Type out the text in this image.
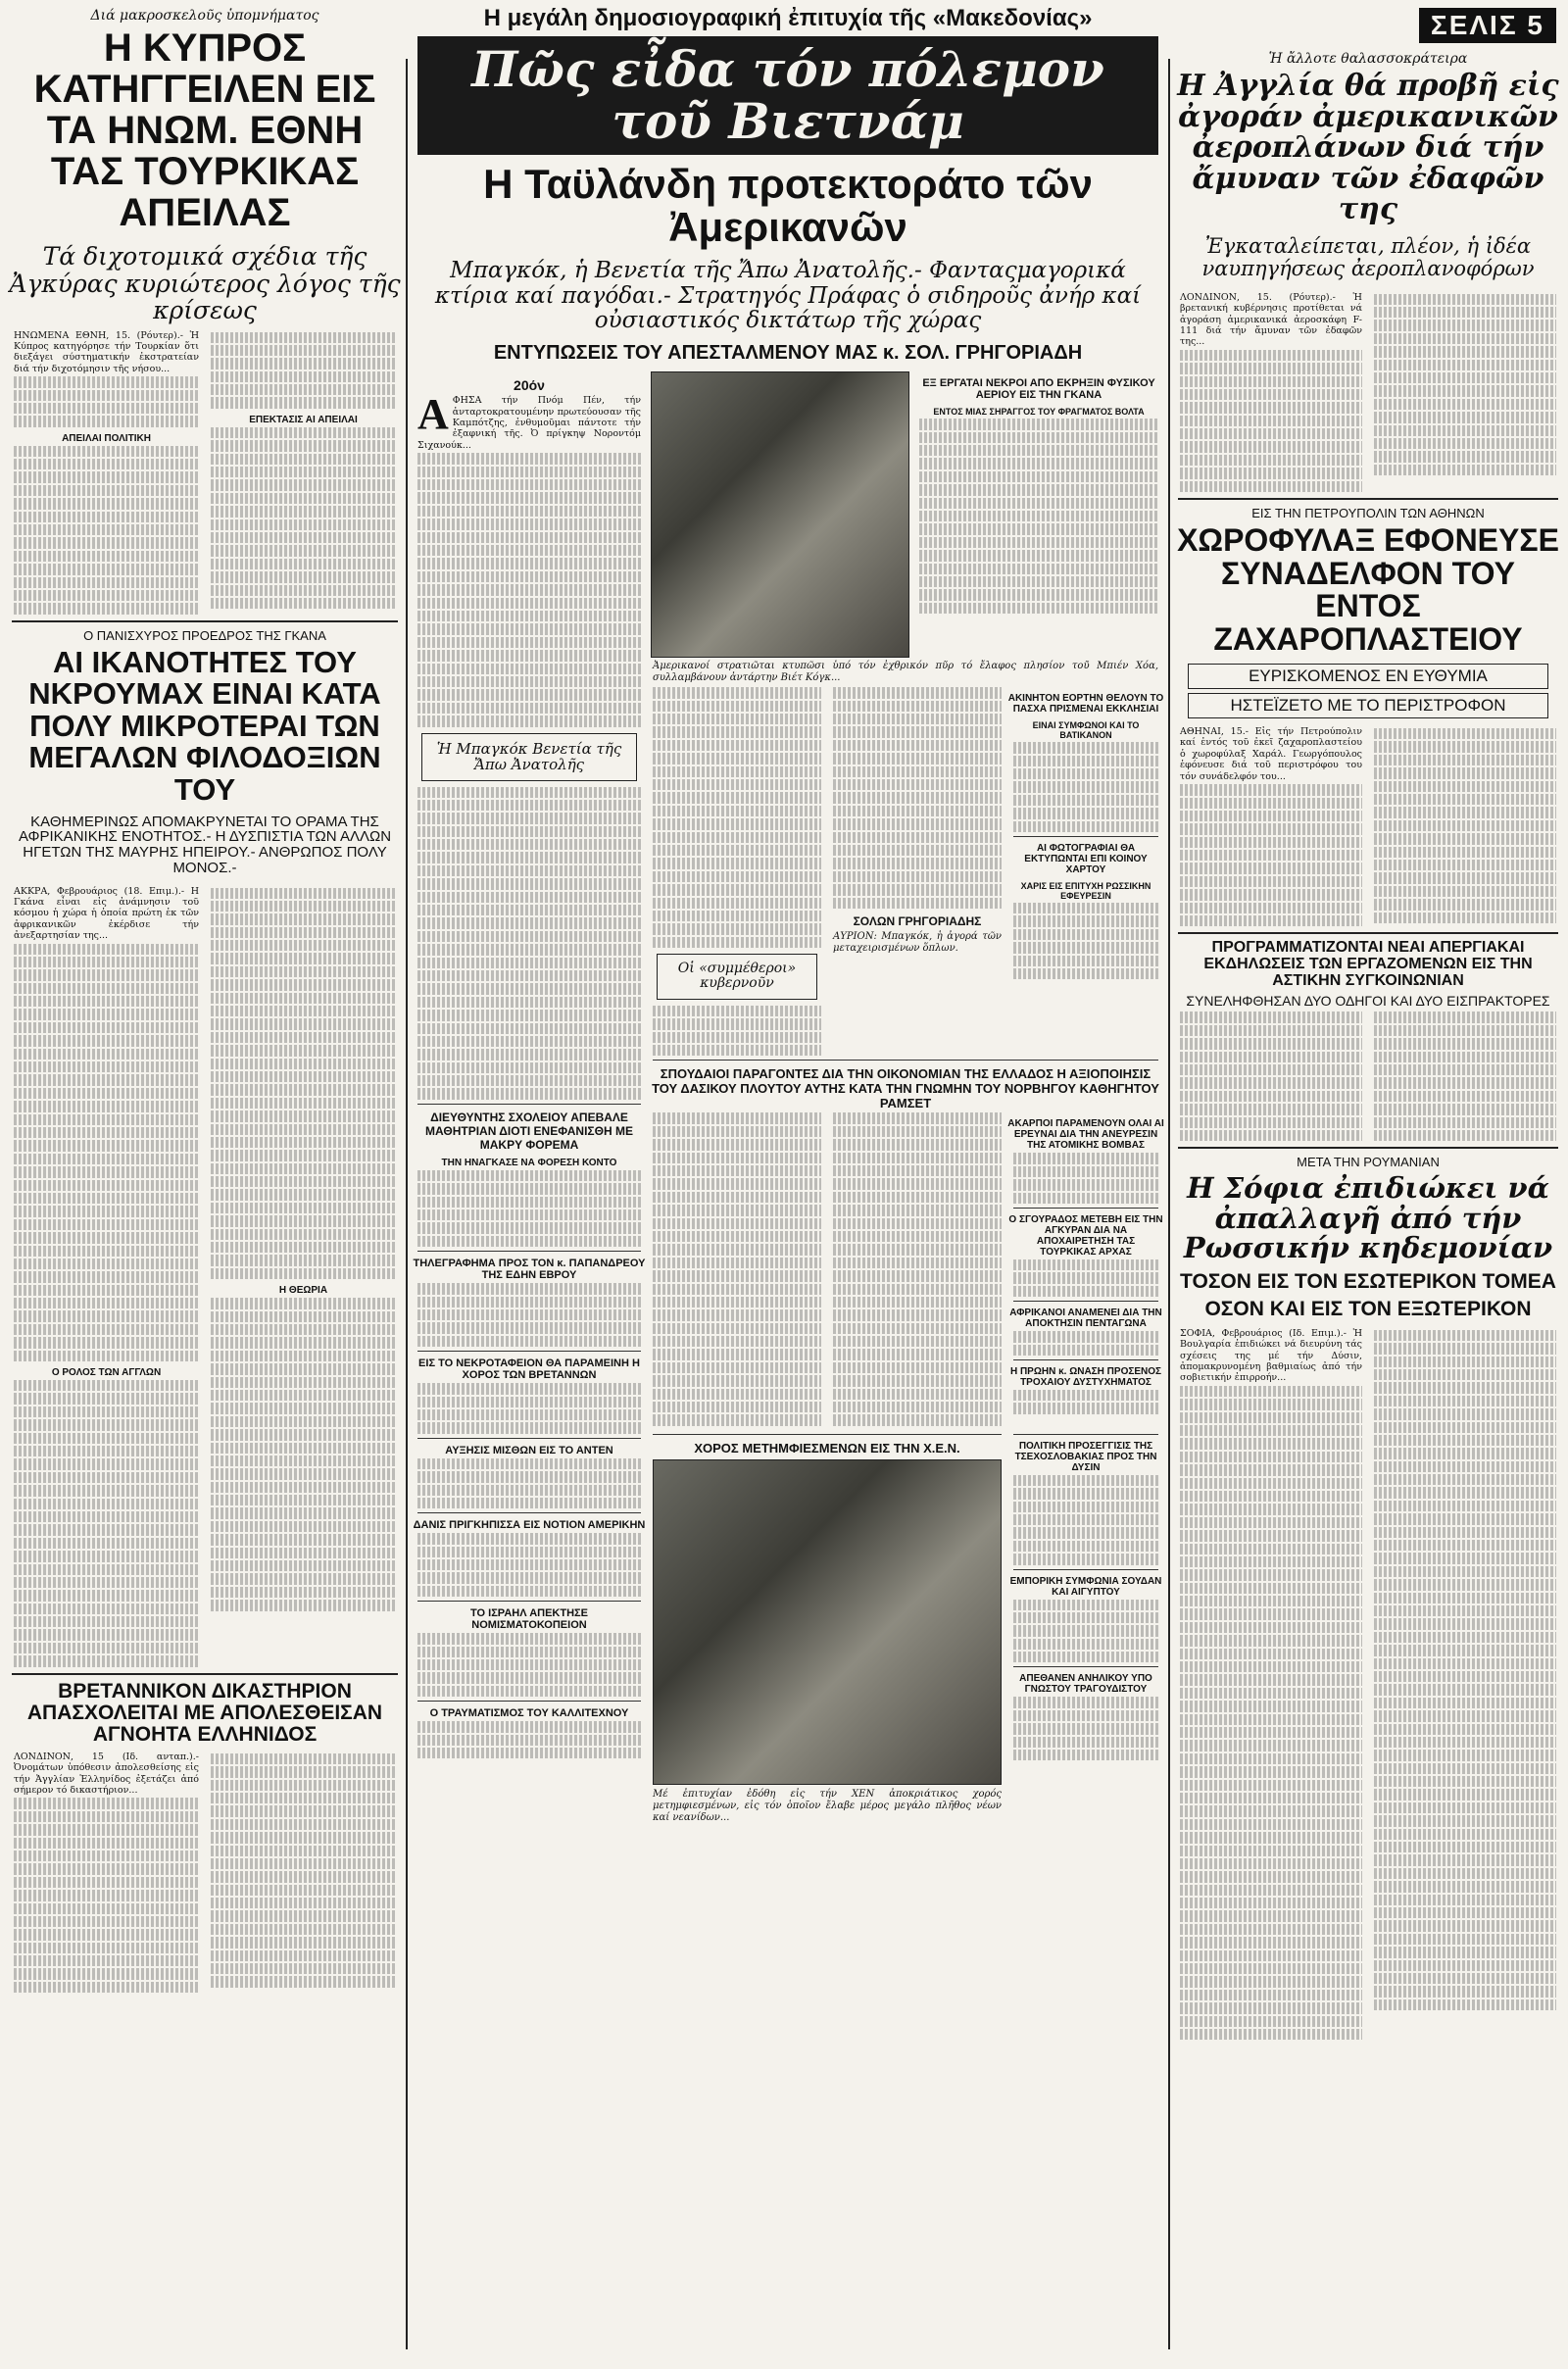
Διά μακροσκελοῦς ὑπομνήματος
Η ΚΥΠΡΟΣ ΚΑΤΗΓΓΕΙΛΕΝ ΕΙΣ ΤΑ ΗΝΩΜ. ΕΘΝΗ ΤΑΣ ΤΟΥΡΚΙΚΑΣ ΑΠΕΙΛΑΣ
Τά διχοτομικά σχέδια τῆς Ἀγκύρας κυριώτερος λόγος τῆς κρίσεως
ΗΝΩΜΕΝΑ ΕΘΝΗ, 15. (Ρόυτερ).- Ἡ Κύπρος κατηγόρησε τήν Τουρκίαν ὅτι διεξάγει σύστηματικήν ἐκστρατείαν διά τήν διχοτόμησιν τῆς νήσου...
ΑΠΕΙΛΑΙ ΠΟΛΙΤΙΚΗ
ΕΠΕΚΤΑΣΙΣ ΑΙ ΑΠΕΙΛΑΙ
Ο ΠΑΝΙΣΧΥΡΟΣ ΠΡΟΕΔΡΟΣ ΤΗΣ ΓΚΑΝΑ
ΑΙ ΙΚΑΝΟΤΗΤΕΣ ΤΟΥ ΝΚΡΟΥΜΑΧ ΕΙΝΑΙ ΚΑΤΑ ΠΟΛΥ ΜΙΚΡΟΤΕΡΑΙ ΤΩΝ ΜΕΓΑΛΩΝ ΦΙΛΟΔΟΞΙΩΝ ΤΟΥ
ΚΑΘΗΜΕΡΙΝΩΣ ΑΠΟΜΑΚΡΥΝΕΤΑΙ ΤΟ ΟΡΑΜΑ ΤΗΣ ΑΦΡΙΚΑΝΙΚΗΣ ΕΝΟΤΗΤΟΣ.- Η ΔΥΣΠΙΣΤΙΑ ΤΩΝ ΑΛΛΩΝ ΗΓΕΤΩΝ ΤΗΣ ΜΑΥΡΗΣ ΗΠΕΙΡΟΥ.- ΑΝΘΡΩΠΟΣ ΠΟΛΥ ΜΟΝΟΣ.-
ΑΚΚΡΑ, Φεβρουάριος (18. Επιμ.).- Η Γκάνα εἶναι εἰς ἀνάμνησιν τοῦ κόσμου ἡ χώρα ἡ ὁποία πρώτη ἐκ τῶν ἀφρικανικῶν ἐκέρδισε τήν ἀνεξαρτησίαν της...
Ο ΡΟΛΟΣ ΤΩΝ ΑΓΓΛΩΝ
Η ΘΕΩΡΙΑ
ΒΡΕΤΑΝΝΙΚΟΝ ΔΙΚΑΣΤΗΡΙΟΝ ΑΠΑΣΧΟΛΕΙΤΑΙ ΜΕ ΑΠΟΛΕΣΘΕΙΣΑΝ ΑΓΝΟΗΤΑ ΕΛΛΗΝΙΔΟΣ
ΛΟΝΔΙΝΟΝ, 15 (Ιδ. ανταπ.).- Ὀνομάτων ὑπόθεσιν ἀπολεσθείσης εἰς τήν Ἀγγλίαν Ἑλληνίδος ἐξετάζει ἀπό σήμερον τό δικαστήριον...
Η μεγάλη δημοσιογραφική ἐπιτυχία τῆς «Μακεδονίας»
Πῶς εἶδα τόν πόλεμον τοῦ Βιετνάμ
Η Ταϋλάνδη προτεκτοράτο τῶν Ἀμερικανῶν
Μπαγκόκ, ἡ Βενετία τῆς Ἄπω Ἀνατολῆς.- Φανταςμαγορικά κτίρια καί παγόδαι.- Στρατηγός Πράφας ὁ σιδηροῦς ἀνήρ καί οὐσιαστικός δικτάτωρ τῆς χώρας
ΕΝΤΥΠΩΣΕΙΣ ΤΟΥ ΑΠΕΣΤΑΛΜΕΝΟΥ ΜΑΣ κ. ΣΟΛ. ΓΡΗΓΟΡΙΑΔΗ
20όν
ΑΦΗΣΑ τήν Πνόμ Πέν, τήν ἀνταρτοκρατουμένην πρωτεύουσαν τῆς Καμπότζης, ἐνθυμοῦμαι πάντοτε τήν ἐξαφνική τῆς. Ὀ πρίγκηψ Νοροντόμ Σιχανούκ...
Ἡ Μπαγκόκ Βενετία τῆς Ἄπω Ἀνατολῆς
ΔΙΕΥΘΥΝΤΗΣ ΣΧΟΛΕΙΟΥ ΑΠΕΒΑΛΕ ΜΑΘΗΤΡΙΑΝ ΔΙΟΤΙ ΕΝΕΦΑΝΙΣΘΗ ΜΕ ΜΑΚΡΥ ΦΟΡΕΜΑ
ΤΗΝ ΗΝΑΓΚΑΣΕ ΝΑ ΦΟΡΕΣΗ ΚΟΝΤΟ
ΤΗΛΕΓΡΑΦΗΜΑ ΠΡΟΣ ΤΟΝ κ. ΠΑΠΑΝΔΡΕΟΥ ΤΗΣ ΕΔΗΝ ΕΒΡΟΥ
ΕΙΣ ΤΟ ΝΕΚΡΟΤΑΦΕΙΟΝ ΘΑ ΠΑΡΑΜΕΙΝΗ Η ΧΟΡΟΣ ΤΩΝ ΒΡΕΤΑΝΝΩΝ
ΑΥΞΗΣΙΣ ΜΙΣΘΩΝ ΕΙΣ ΤΟ ΑΝΤΕΝ
ΔΑΝΙΣ ΠΡΙΓΚΗΠΙΣΣΑ ΕΙΣ ΝΟΤΙΟΝ ΑΜΕΡΙΚΗΝ
ΤΟ ΙΣΡΑΗΛ ΑΠΕΚΤΗΣΕ ΝΟΜΙΣΜΑΤΟΚΟΠΕΙΟΝ
Ο ΤΡΑΥΜΑΤΙΣΜΟΣ ΤΟΥ ΚΑΛΛΙΤΕΧΝΟΥ
ΕΞ ΕΡΓΑΤΑΙ ΝΕΚΡΟΙ ΑΠΟ ΕΚΡΗΞΙΝ ΦΥΣΙΚΟΥ ΑΕΡΙΟΥ ΕΙΣ ΤΗΝ ΓΚΑΝΑ
ΕΝΤΟΣ ΜΙΑΣ ΣΗΡΑΓΓΟΣ ΤΟΥ ΦΡΑΓΜΑΤΟΣ ΒΟΛΤΑ
Ἀμερικανοί στρατιῶται κτυπῶσι ὑπό τόν ἐχθρικόν πῦρ τό ἔλαφος πλησίον τοῦ Μπιέν Χόα, συλλαμβάνουν ἀντάρτην Βιέτ Κόγκ...
Οἱ «συμμέθεροι» κυβερνοῦν
ΣΟΛΩΝ ΓΡΗΓΟΡΙΑΔΗΣ
ΑΥΡΙΟΝ: Μπαγκόκ, ἡ ἀγορά τῶν μεταχειρισμένων ὅπλων.
ΑΚΙΝΗΤΟΝ ΕΟΡΤΗΝ ΘΕΛΟΥΝ ΤΟ ΠΑΣΧΑ ΠΡΙΣΜΕΝΑΙ ΕΚΚΛΗΣΙΑΙ
ΕΙΝΑΙ ΣΥΜΦΩΝΟΙ ΚΑΙ ΤΟ ΒΑΤΙΚΑΝΟΝ
ΑΙ ΦΩΤΟΓΡΑΦΙΑΙ ΘΑ ΕΚΤΥΠΩΝΤΑΙ ΕΠΙ ΚΟΙΝΟΥ ΧΑΡΤΟΥ
ΧΑΡΙΣ ΕΙΣ ΕΠΙΤΥΧΗ ΡΩΣΣΙΚΗΝ ΕΦΕΥΡΕΣΙΝ
ΣΠΟΥΔΑΙΟΙ ΠΑΡΑΓΟΝΤΕΣ ΔΙΑ ΤΗΝ ΟΙΚΟΝΟΜΙΑΝ ΤΗΣ ΕΛΛΑΔΟΣ Η ΑΞΙΟΠΟΙΗΣΙΣ ΤΟΥ ΔΑΣΙΚΟΥ ΠΛΟΥΤΟΥ ΑΥΤΗΣ ΚΑΤΑ ΤΗΝ ΓΝΩΜΗΝ ΤΟΥ ΝΟΡΒΗΓΟΥ ΚΑΘΗΓΗΤΟΥ ΡΑΜΣΕΤ
ΑΚΑΡΠΟΙ ΠΑΡΑΜΕΝΟΥΝ ΟΛΑΙ ΑΙ ΕΡΕΥΝΑΙ ΔΙΑ ΤΗΝ ΑΝΕΥΡΕΣΙΝ ΤΗΣ ΑΤΟΜΙΚΗΣ ΒΟΜΒΑΣ
Ο ΣΓΟΥΡΑΔΟΣ ΜΕΤΕΒΗ ΕΙΣ ΤΗΝ ΑΓΚΥΡΑΝ ΔΙΑ ΝΑ ΑΠΟΧΑΙΡΕΤΗΣΗ ΤΑΣ ΤΟΥΡΚΙΚΑΣ ΑΡΧΑΣ
ΑΦΡΙΚΑΝΟΙ ΑΝΑΜΕΝΕΙ ΔΙΑ ΤΗΝ ΑΠΟΚΤΗΣΙΝ ΠΕΝΤΑΓΩΝΑ
Η ΠΡΩΗΝ κ. ΩΝΑΣΗ ΠΡΟΣΕΝΟΣ ΤΡΟΧΑΙΟΥ ΔΥΣΤΥΧΗΜΑΤΟΣ
ΧΟΡΟΣ ΜΕΤΗΜΦΙΕΣΜΕΝΩΝ ΕΙΣ ΤΗΝ Χ.Ε.Ν.
Μέ ἐπιτυχίαν ἐδόθη εἰς τήν ΧΕΝ ἀποκριάτικος χορός μετημφιεσμένων, εἰς τόν ὁποῖον ἔλαβε μέρος μεγάλο πλῆθος νέων καί νεανίδων...
ΠΟΛΙΤΙΚΗ ΠΡΟΣΕΓΓΙΣΙΣ ΤΗΣ ΤΣΕΧΟΣΛΟΒΑΚΙΑΣ ΠΡΟΣ ΤΗΝ ΔΥΣΙΝ
ΕΜΠΟΡΙΚΗ ΣΥΜΦΩΝΙΑ ΣΟΥΔΑΝ ΚΑΙ ΑΙΓΥΠΤΟΥ
ΑΠΕΘΑΝΕΝ ΑΝΗΛΙΚΟΥ ΥΠΟ ΓΝΩΣΤΟΥ ΤΡΑΓΟΥΔΙΣΤΟΥ
ΣΕΛΙΣ 5
Ἡ ἄλλοτε θαλασσοκράτειρα
Η Ἀγγλία θά προβῆ εἰς ἀγοράν ἀμερικανικῶν ἀεροπλάνων διά τήν ἄμυναν τῶν ἐδαφῶν της
Ἐγκαταλείπεται, πλέον, ἡ ἰδέα ναυπηγήσεως ἀεροπλανοφόρων
ΛΟΝΔΙΝΟΝ, 15. (Ρόυτερ).- Ἡ βρετανική κυβέρνησις προτίθεται νά ἀγοράση ἀμερικανικά ἀεροσκάφη F-111 διά τήν ἄμυναν τῶν ἐδαφῶν της...
ΕΙΣ ΤΗΝ ΠΕΤΡΟΥΠΟΛΙΝ ΤΩΝ ΑΘΗΝΩΝ
ΧΩΡΟΦΥΛΑΞ ΕΦΟΝΕΥΣΕ ΣΥΝΑΔΕΛΦΟΝ ΤΟΥ ΕΝΤΟΣ ΖΑΧΑΡΟΠΛΑΣΤΕΙΟΥ
ΕΥΡΙΣΚΟΜΕΝΟΣ ΕΝ ΕΥΘΥΜΙΑ
ΗΣΤΕΪΖΕΤΟ ΜΕ ΤΟ ΠΕΡΙΣΤΡΟΦΟΝ
ΑΘΗΝΑΙ, 15.- Εἰς τήν Πετρούπολιν καί ἐντός τοῦ ἐκεῖ ζαχαροπλαστείου ὁ χωροφύλαξ Χαράλ. Γεωργόπουλος ἐφόνευσε διά τοῦ περιστρόφου του τόν συνάδελφόν του...
ΠΡΟΓΡΑΜΜΑΤΙΖΟΝΤΑΙ ΝΕΑΙ ΑΠΕΡΓΙΑΚΑΙ ΕΚΔΗΛΩΣΕΙΣ ΤΩΝ ΕΡΓΑΖΟΜΕΝΩΝ ΕΙΣ ΤΗΝ ΑΣΤΙΚΗΝ ΣΥΓΚΟΙΝΩΝΙΑΝ
ΣΥΝΕΛΗΦΘΗΣΑΝ ΔΥΟ ΟΔΗΓΟΙ ΚΑΙ ΔΥΟ ΕΙΣΠΡΑΚΤΟΡΕΣ
ΜΕΤΑ ΤΗΝ ΡΟΥΜΑΝΙΑΝ
Η Σόφια ἐπιδιώκει νά ἀπαλλαγῆ ἀπό τήν Ρωσσικήν κηδεμονίαν
ΤΟΣΟΝ ΕΙΣ ΤΟΝ ΕΣΩΤΕΡΙΚΟΝ ΤΟΜΕΑ
ΟΣΟΝ ΚΑΙ ΕΙΣ ΤΟΝ ΕΞΩΤΕΡΙΚΟΝ
ΣΟΦΙΑ, Φεβρουάριος (Ιδ. Επιμ.).- Ἡ Βουλγαρία ἐπιδιώκει νά διευρύνη τάς σχέσεις της μέ τήν Δύσιν, ἀπομακρυνομένη βαθμιαίως ἀπό τήν σοβιετικήν ἐπιρροήν...
